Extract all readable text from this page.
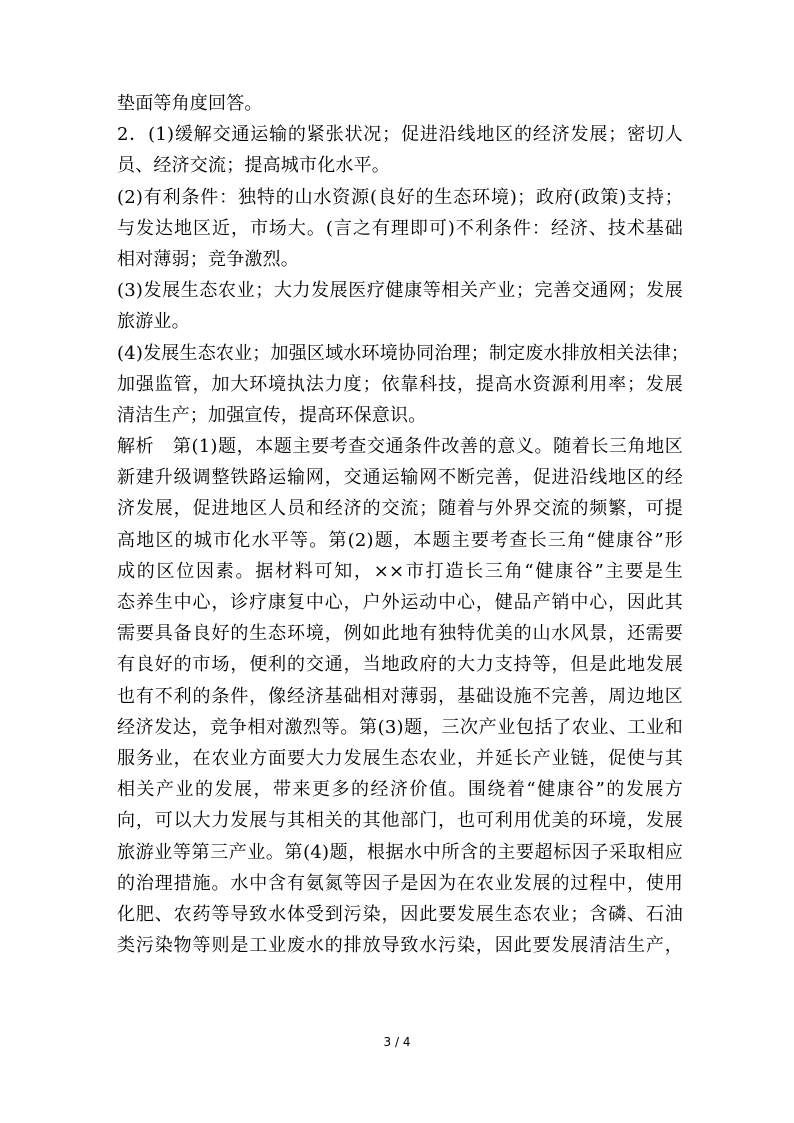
垫面等角度回答。
2．(1)缓解交通运输的紧张状况；促进沿线地区的经济发展；密切人
员、经济交流；提高城市化水平。
(2)有利条件：独特的山水资源(良好的生态环境)；政府(政策)支持；
与发达地区近，市场大。(言之有理即可)不利条件：经济、技术基础
相对薄弱；竞争激烈。
(3)发展生态农业；大力发展医疗健康等相关产业；完善交通网；发展
旅游业。
(4)发展生态农业；加强区域水环境协同治理；制定废水排放相关法律；
加强监管，加大环境执法力度；依靠科技，提高水资源利用率；发展
清洁生产；加强宣传，提高环保意识。
解析　第(1)题，本题主要考查交通条件改善的意义。随着长三角地区
新建升级调整铁路运输网，交通运输网不断完善，促进沿线地区的经
济发展，促进地区人员和经济的交流；随着与外界交流的频繁，可提
高地区的城市化水平等。第(2)题，本题主要考查长三角“健康谷”形
成的区位因素。据材料可知，××市打造长三角“健康谷”主要是生
态养生中心，诊疗康复中心，户外运动中心，健品产销中心，因此其
需要具备良好的生态环境，例如此地有独特优美的山水风景，还需要
有良好的市场，便利的交通，当地政府的大力支持等，但是此地发展
也有不利的条件，像经济基础相对薄弱，基础设施不完善，周边地区
经济发达，竞争相对激烈等。第(3)题，三次产业包括了农业、工业和
服务业，在农业方面要大力发展生态农业，并延长产业链，促使与其
相关产业的发展，带来更多的经济价值。围绕着“健康谷”的发展方
向，可以大力发展与其相关的其他部门，也可利用优美的环境，发展
旅游业等第三产业。第(4)题，根据水中所含的主要超标因子采取相应
的治理措施。水中含有氨氮等因子是因为在农业发展的过程中，使用
化肥、农药等导致水体受到污染，因此要发展生态农业；含磷、石油
类污染物等则是工业废水的排放导致水污染，因此要发展清洁生产，
3 / 4
